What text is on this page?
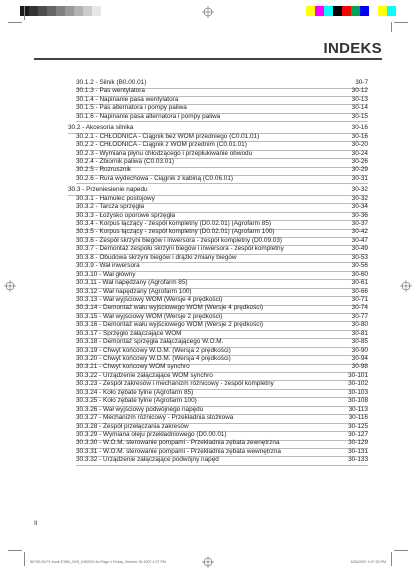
INDEKS
30.1.2 - Silnik (B0.00.01)	30-7
30.1.3 - Pas wentylatora	30-12
30.1.4 - Napinanie pasa wentylatora	30-13
30.1.5 - Pas alternatora i pompy paliwa	30-14
30.1.6 - Napinanie pasa alternatora i pompy paliwa	30-15
30.2 - Akcesoria silnika	30-16
30.2.1 - CHŁODNICA - Ciągnik bez WOM przedniego (C0.01.01)	30-16
30.2.2 - CHŁODNICA - Ciągnik z WOM przednim (C0.01.01)	30-20
30.2.3 - Wymiana płynu chłodzącego i przepłukiwanie obwodu	30-24
30.2.4 - Zbiornik paliwa (C0.03.01)	30-26
30.2.5 - Rozrusznik	30-29
30.2.6 - Rura wydechowa - Ciągnik z kabiną (C0.06.01)	30-31
30.3 - Przeniesienie napedu	30-32
30.3.1 - Hamulec postojowy	30-32
30.3.2 - Tarcza sprzęgła	30-34
30.3.3 - Łożysko oporowe sprzęgła	30-36
30.3.4 - Korpus łączący - zespół kompletny (D0.02.01) (Agrofarm 85)	30-37
30.3.5 - Korpus łączący - zespół kompletny (D0.02.01) (Agrofarm 100)	30-42
30.3.6 - Zespół skrzyni biegów i inwersora - zespół kompletny (D0.09.03)	30-47
30.3.7 - Demontaż zespołu skrzyni biegów i inwersora - zespół kompletny	30-49
30.3.8 - Obudowa skrzyni biegów i drążki zmiany biegów	30-53
30.3.9 - Wał inwersora	30-56
30.3.10 - Wał główny	30-60
30.3.11 - Wał napędzany (Agrofarm 85)	30-61
30.3.12 - Wał napędzany (Agrofarm 100)	30-66
30.3.13 - Wał wyjściowy WOM (Wersje 4 prędkości)	30-71
30.3.14 - Demontaż wału wyjściowego WOM (Wersje 4 prędkości)	30-74
30.3.15 - Wał wyjściowy WOM (Wersje 2 prędkości)	30-77
30.3.16 - Demontaż wału wyjściowego WOM (Wersje 2 prędkości)	30-80
30.3.17 - Sprzęgło załączające WOM	30-81
30.3.18 - Demontaż sprzęgła załączającego W.O.M.	30-85
30.3.19 - Chwyt końcowy W.O.M. (Wersja 2 prędkości)	30-90
30.3.20 - Chwyt końcowy W.O.M. (Wersja 4 prędkości)	30-94
30.3.21 - Chwyt końcowy WOM synchro	30-98
30.3.22 - Urządzenie załączające WOM synchro	30-101
30.3.23 - Zespół zakresów i mechanizm różnicowy - zespół kompletny	30-102
30.3.24 - Koło zębate tylne (Agrofarm 85)	30-103
30.3.25 - Koło zębate tylne (Agrofarm 100)	30-108
30.3.26 - Wał wyjściowy podwójnego napędu	30-113
30.3.27 - Mechanizm różnicowy - Przekładnia stożkowa	30-116
30.3.28 - Zespół przełączania zakresów	30-125
30.3.29 - Wymiana oleju przekładniowego (D0.00.01)	30-127
30.3.30 - W.O.M. sterowanie pompami - Przekładnia zębata zewnętrzna	30-129
30.3.31 - W.O.M. sterowanie pompami - Przekładnia zębata wewnętrzna	30-131
30.3.32 - Urządzenie załączające podwójny napęd	30-133
II
80740-09-PL.book ETAB_OKS_INDEKS.fm Page 1 Friday, October 26 2007 4:27 PM	6/26/2007 4:27:33 PM
